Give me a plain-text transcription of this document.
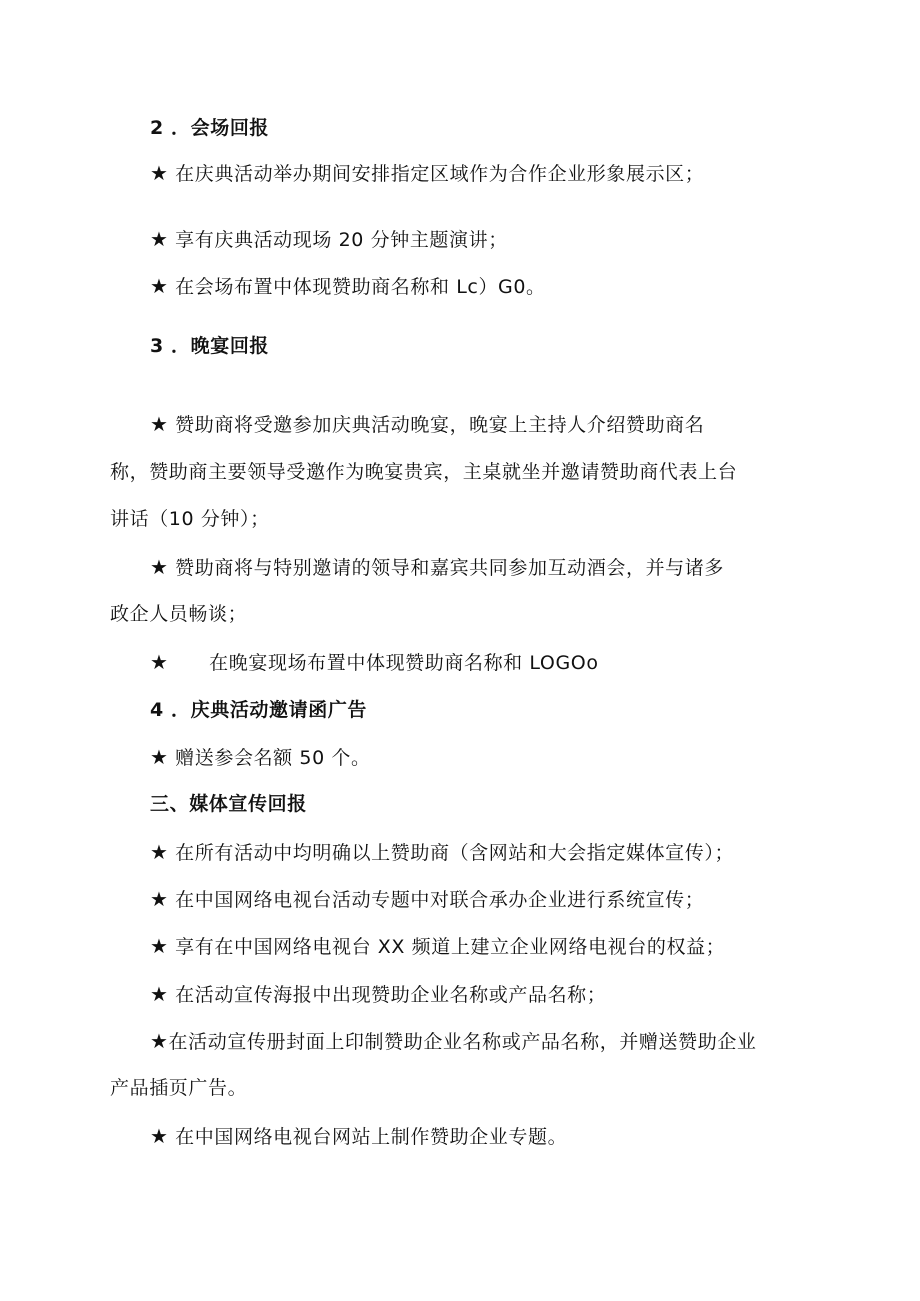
2 ．会场回报
★ 在庆典活动举办期间安排指定区域作为合作企业形象展示区；
★ 享有庆典活动现场 20 分钟主题演讲；
★ 在会场布置中体现赞助商名称和 Lc）G0。
3 ．晚宴回报
★ 赞助商将受邀参加庆典活动晚宴，晚宴上主持人介绍赞助商名
称，赞助商主要领导受邀作为晚宴贵宾，主桌就坐并邀请赞助商代表上台
讲话（10 分钟）；
★ 赞助商将与特别邀请的领导和嘉宾共同参加互动酒会，并与诸多
政企人员畅谈；
★ 在晚宴现场布置中体现赞助商名称和 LOGOo
4 ．庆典活动邀请函广告
★ 赠送参会名额 50 个。
三、媒体宣传回报
★ 在所有活动中均明确以上赞助商（含网站和大会指定媒体宣传）；
★ 在中国网络电视台活动专题中对联合承办企业进行系统宣传；
★ 享有在中国网络电视台 XX 频道上建立企业网络电视台的权益；
★ 在活动宣传海报中出现赞助企业名称或产品名称；
★在活动宣传册封面上印制赞助企业名称或产品名称，并赠送赞助企业
产品插页广告。
★ 在中国网络电视台网站上制作赞助企业专题。
